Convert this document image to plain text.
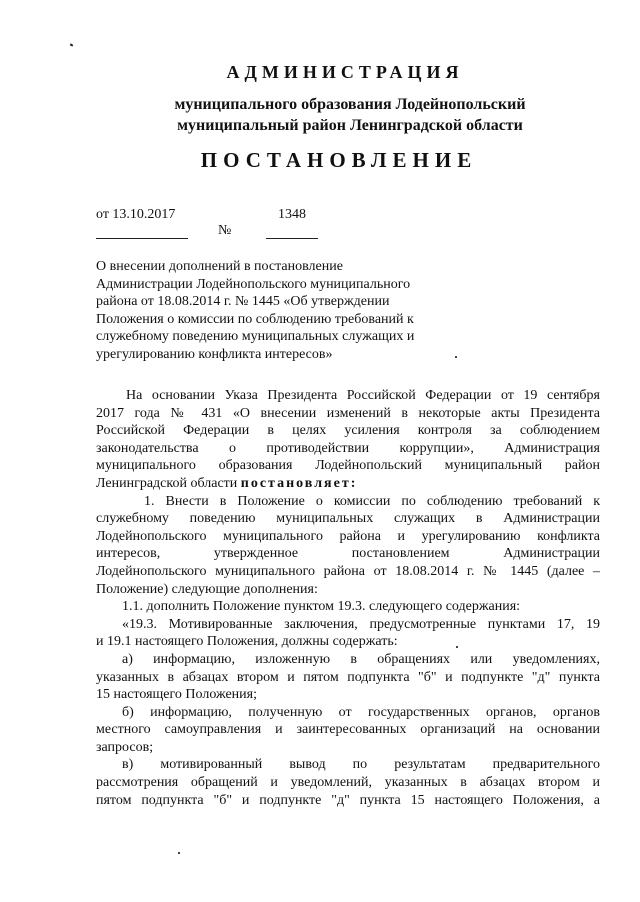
АДМИНИСТРАЦИЯ
муниципального образования Лодейнопольский
муниципальный район Ленинградской области
ПОСТАНОВЛЕНИЕ
от 13.10.2017	1348
№
О внесении дополнений в постановление
Администрации Лодейнопольского муниципального
района от 18.08.2014 г. № 1445 «Об утверждении
Положения о комиссии по соблюдению требований к
служебному поведению муниципальных служащих и
урегулированию конфликта интересов»
На основании Указа Президента Российской Федерации от 19 сентября
2017 года № 431 «О внесении изменений в некоторые акты Президента
Российской Федерации в целях усиления контроля за соблюдением
законодательства о противодействии коррупции», Администрация
муниципального образования Лодейнопольский муниципальный район
Ленинградской области постановляет:
1. Внести в Положение о комиссии по соблюдению требований к
служебному поведению муниципальных служащих в Администрации
Лодейнопольского муниципального района и урегулированию конфликта
интересов, утвержденное постановлением Администрации
Лодейнопольского муниципального района от 18.08.2014 г. № 1445 (далее –
Положение) следующие дополнения:
1.1. дополнить Положение пунктом 19.3. следующего содержания:
«19.3. Мотивированные заключения, предусмотренные пунктами 17, 19
и 19.1 настоящего Положения, должны содержать:
а) информацию, изложенную в обращениях или уведомлениях,
указанных в абзацах втором и пятом подпункта "б" и подпункте "д" пункта
15 настоящего Положения;
б) информацию, полученную от государственных органов, органов
местного самоуправления и заинтересованных организаций на основании
запросов;
в) мотивированный вывод по результатам предварительного
рассмотрения обращений и уведомлений, указанных в абзацах втором и
пятом подпункта "б" и подпункте "д" пункта 15 настоящего Положения, а
